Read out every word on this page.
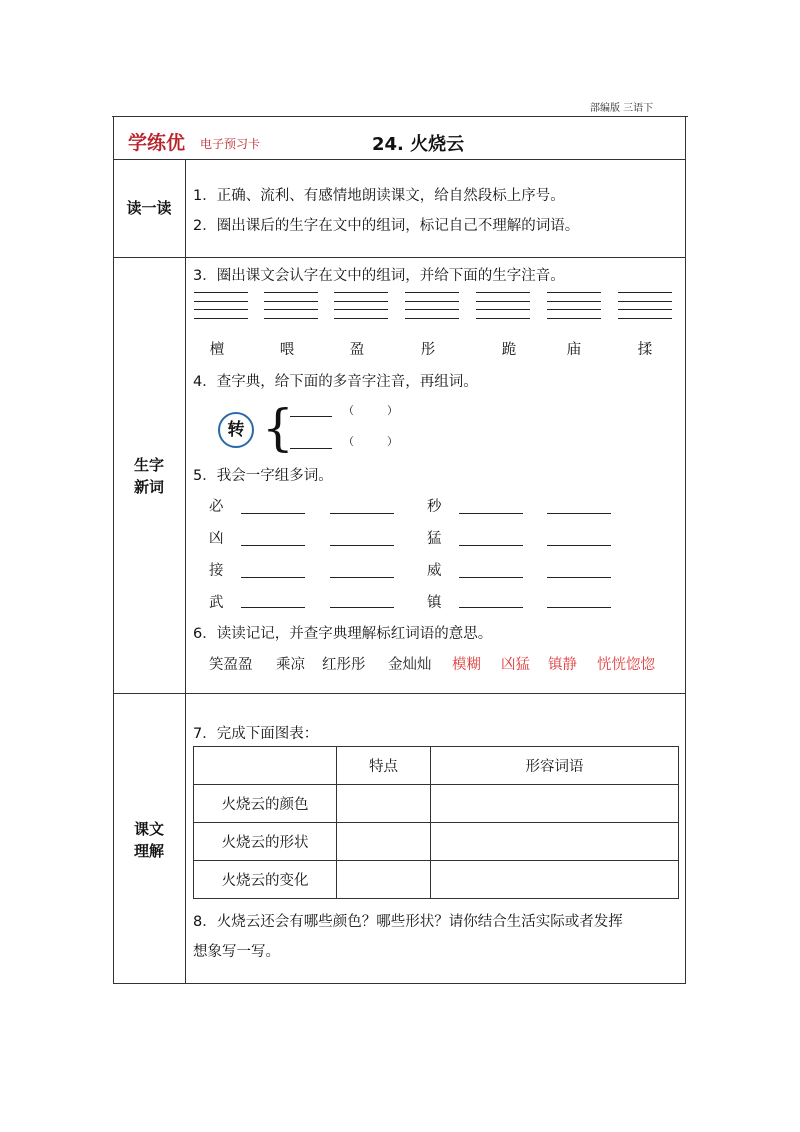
部编版 三语下
学练优 电子预习卡	24. 火烧云
读一读
1．正确、流利、有感情地朗读课文，给自然段标上序号。
2．圈出课后的生字在文中的组词，标记自己不理解的词语。
生字
新词
3．圈出课文会认字在文中的组词，并给下面的生字注音。
檀	喂	盈	彤	跪	庙	揉
4．查字典，给下面的多音字注音，再组词。
转 {	（　　　）
（　　　）
5．我会一字组多词。
必	秒
凶	猛
接	威
武	镇
6．读读记记，并查字典理解标红词语的意思。
笑盈盈 乘凉 红彤彤 金灿灿 模糊 凶猛 镇静 恍恍惚惚
课文
理解
7．完成下面图表：
	特点	形容词语
火烧云的颜色		
火烧云的形状		
火烧云的变化		
8．火烧云还会有哪些颜色？哪些形状？请你结合生活实际或者发挥
想象写一写。
